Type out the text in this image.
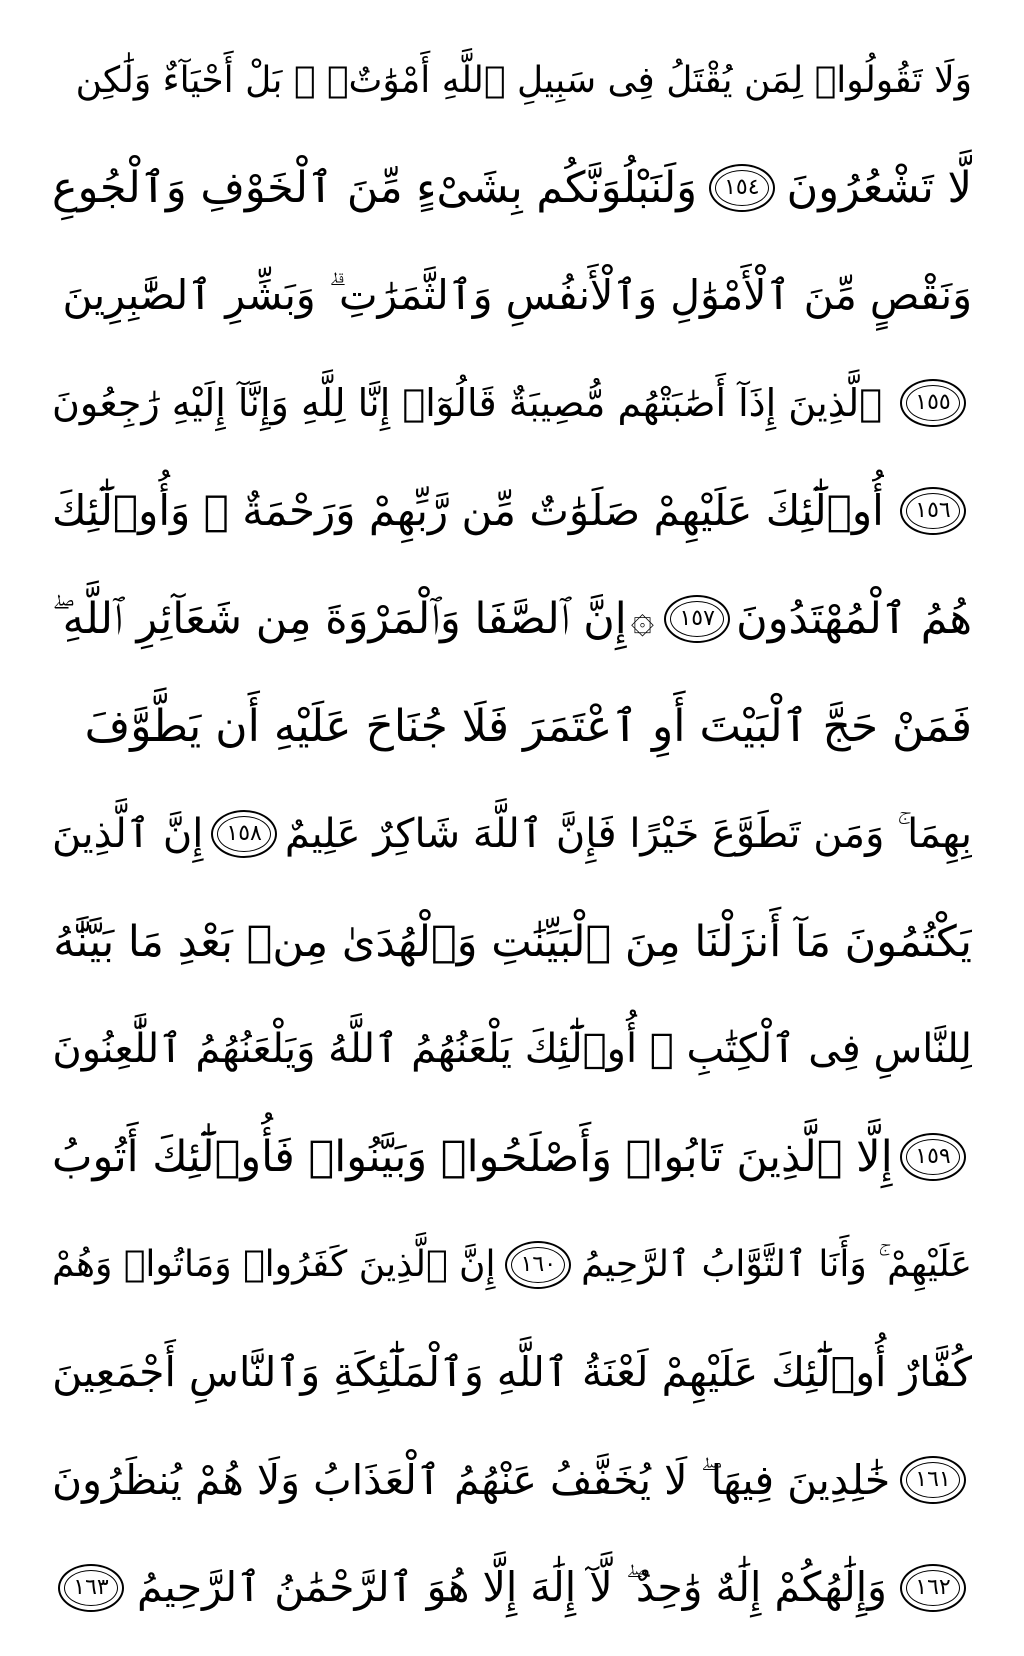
وَلَا تَقُولُوا۟ لِمَن يُقْتَلُ فِى سَبِيلِ ٱللَّهِ أَمْوَٰتٌۢ ۚ بَلْ أَحْيَآءٌ وَلَٰكِن
لَّا تَشْعُرُونَ
١٥٤
وَلَنَبْلُوَنَّكُم بِشَىْءٍ مِّنَ ٱلْخَوْفِ وَٱلْجُوعِ
وَنَقْصٍ مِّنَ ٱلْأَمْوَٰلِ وَٱلْأَنفُسِ وَٱلثَّمَرَٰتِ ۗ وَبَشِّرِ ٱلصَّٰبِرِينَ
١٥٥
ٱلَّذِينَ إِذَآ أَصَٰبَتْهُم مُّصِيبَةٌ قَالُوٓا۟ إِنَّا لِلَّهِ وَإِنَّآ إِلَيْهِ رَٰجِعُونَ
١٥٦
أُو۟لَٰٓئِكَ عَلَيْهِمْ صَلَوَٰتٌ مِّن رَّبِّهِمْ وَرَحْمَةٌ ۖ وَأُو۟لَٰٓئِكَ
هُمُ ٱلْمُهْتَدُونَ
١٥٧
۞
إِنَّ ٱلصَّفَا وَٱلْمَرْوَةَ مِن شَعَآئِرِ ٱللَّهِ ۖ
فَمَنْ حَجَّ ٱلْبَيْتَ أَوِ ٱعْتَمَرَ فَلَا جُنَاحَ عَلَيْهِ أَن يَطَّوَّفَ
بِهِمَا ۚ وَمَن تَطَوَّعَ خَيْرًا فَإِنَّ ٱللَّهَ شَاكِرٌ عَلِيمٌ
١٥٨
إِنَّ ٱلَّذِينَ
يَكْتُمُونَ مَآ أَنزَلْنَا مِنَ ٱلْبَيِّنَٰتِ وَٱلْهُدَىٰ مِنۢ بَعْدِ مَا بَيَّنَّٰهُ
لِلنَّاسِ فِى ٱلْكِتَٰبِ ۙ أُو۟لَٰٓئِكَ يَلْعَنُهُمُ ٱللَّهُ وَيَلْعَنُهُمُ ٱللَّٰعِنُونَ
١٥٩
إِلَّا ٱلَّذِينَ تَابُوا۟ وَأَصْلَحُوا۟ وَبَيَّنُوا۟ فَأُو۟لَٰٓئِكَ أَتُوبُ
عَلَيْهِمْ ۚ وَأَنَا ٱلتَّوَّابُ ٱلرَّحِيمُ
١٦٠
إِنَّ ٱلَّذِينَ كَفَرُوا۟ وَمَاتُوا۟ وَهُمْ
كُفَّارٌ أُو۟لَٰٓئِكَ عَلَيْهِمْ لَعْنَةُ ٱللَّهِ وَٱلْمَلَٰٓئِكَةِ وَٱلنَّاسِ أَجْمَعِينَ
١٦١
خَٰلِدِينَ فِيهَا ۖ لَا يُخَفَّفُ عَنْهُمُ ٱلْعَذَابُ وَلَا هُمْ يُنظَرُونَ
١٦٢
وَإِلَٰهُكُمْ إِلَٰهٌ وَٰحِدٌ ۖ لَّآ إِلَٰهَ إِلَّا هُوَ ٱلرَّحْمَٰنُ ٱلرَّحِيمُ
١٦٣
